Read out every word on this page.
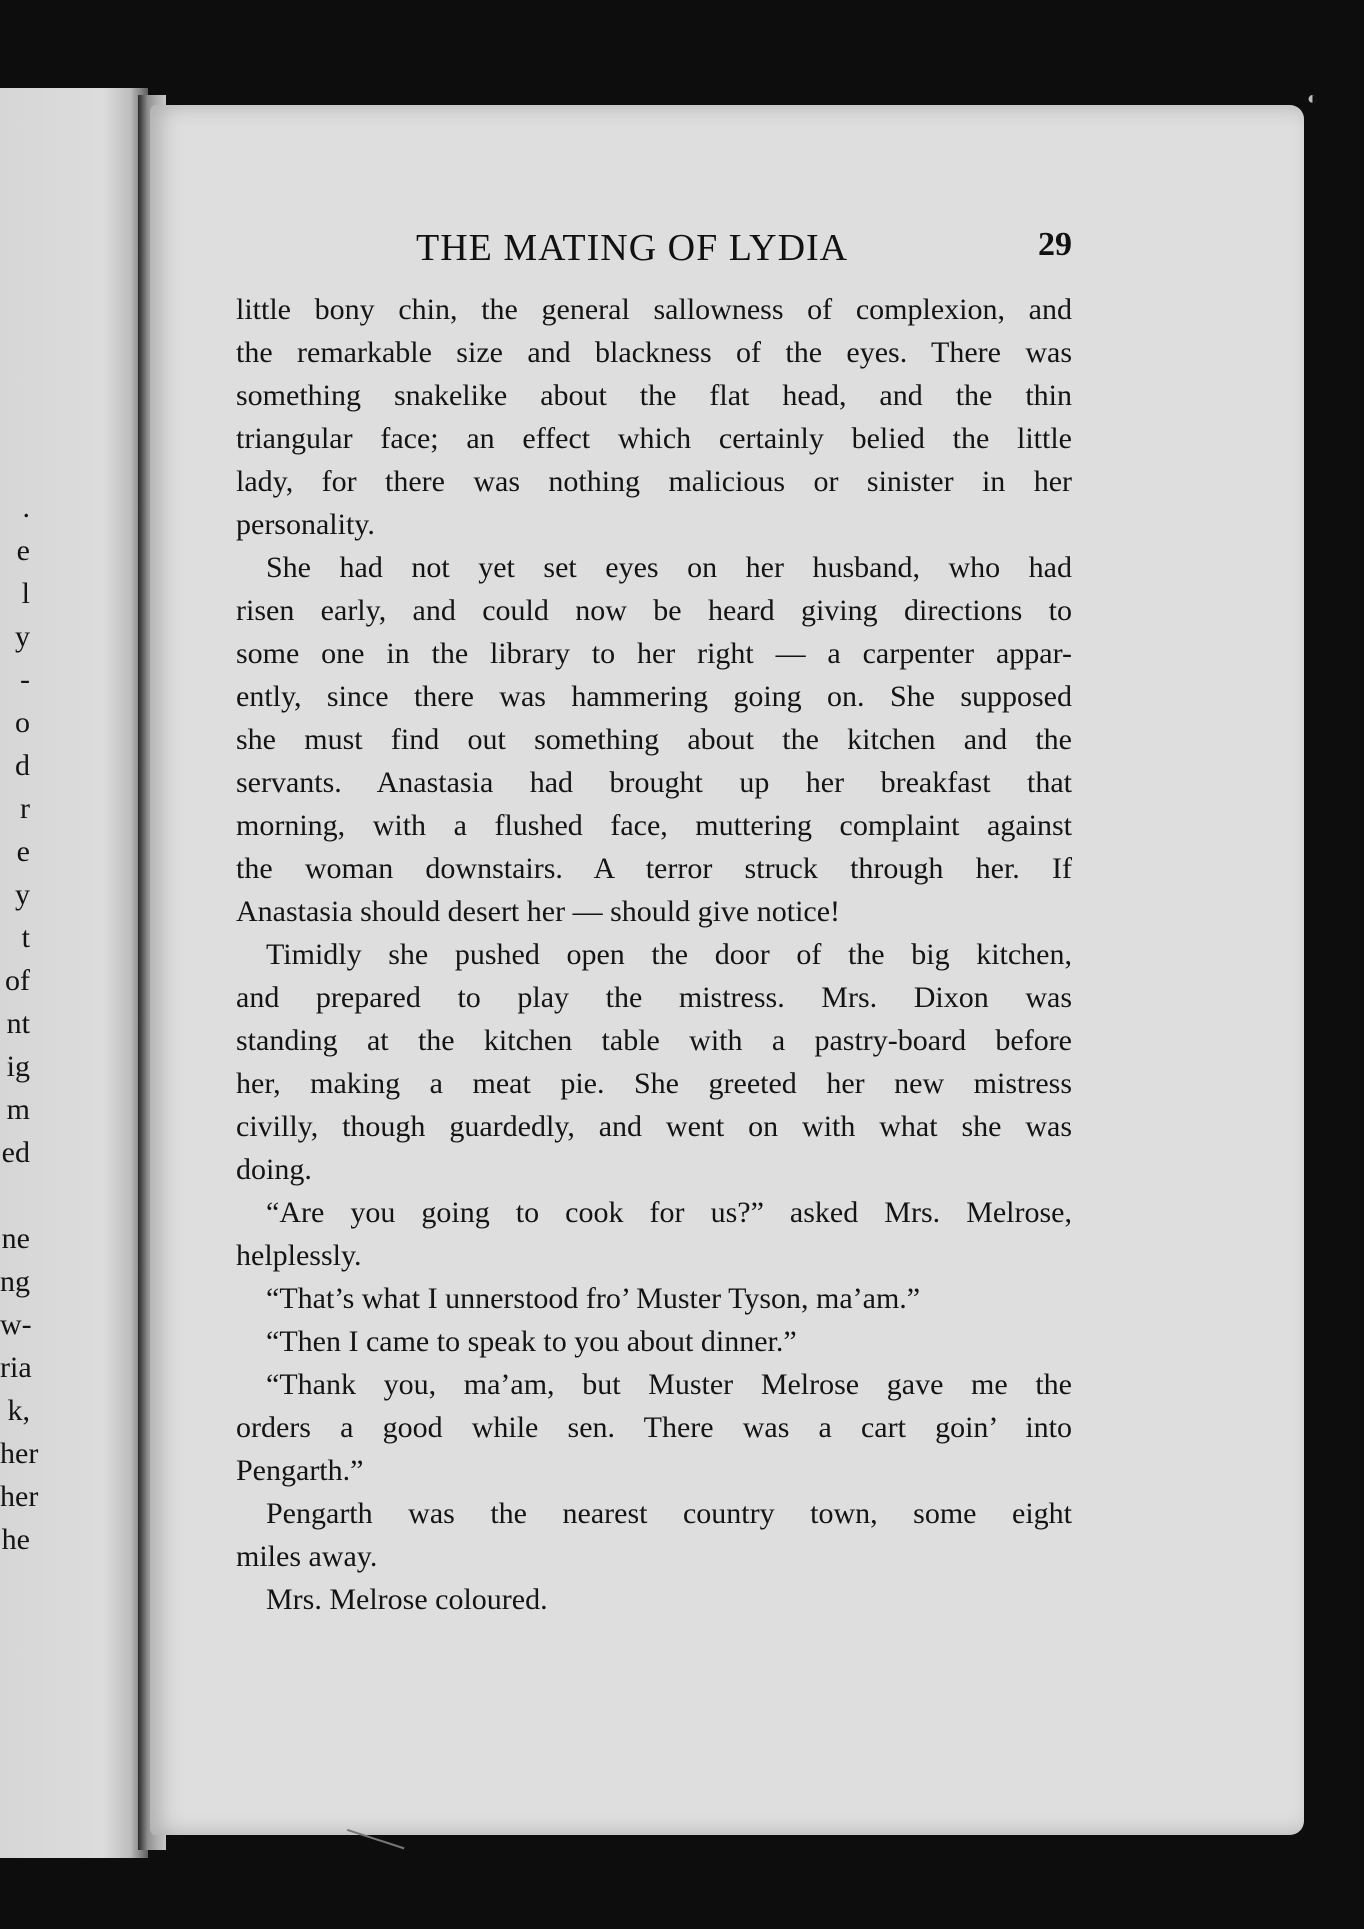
.
e
l
y
-
o
d
r
e
y
t
of
nt
ig
m
ed
ne
ng
w-
ria
k,
her
her
he
THE MATING OF LYDIA	29
little bony chin, the general sallowness of complexion, and
the remarkable size and blackness of the eyes. There was
something snakelike about the flat head, and the thin
triangular face; an effect which certainly belied the little
lady, for there was nothing malicious or sinister in her
personality.
She had not yet set eyes on her husband, who had
risen early, and could now be heard giving directions to
some one in the library to her right — a carpenter appar-
ently, since there was hammering going on. She supposed
she must find out something about the kitchen and the
servants. Anastasia had brought up her breakfast that
morning, with a flushed face, muttering complaint against
the woman downstairs. A terror struck through her. If
Anastasia should desert her — should give notice!
Timidly she pushed open the door of the big kitchen,
and prepared to play the mistress. Mrs. Dixon was
standing at the kitchen table with a pastry-board before
her, making a meat pie. She greeted her new mistress
civilly, though guardedly, and went on with what she was
doing.
“Are you going to cook for us?” asked Mrs. Melrose,
helplessly.
“That’s what I unnerstood fro’ Muster Tyson, ma’am.”
“Then I came to speak to you about dinner.”
“Thank you, ma’am, but Muster Melrose gave me the
orders a good while sen. There was a cart goin’ into
Pengarth.”
Pengarth was the nearest country town, some eight
miles away.
Mrs. Melrose coloured.
◐
